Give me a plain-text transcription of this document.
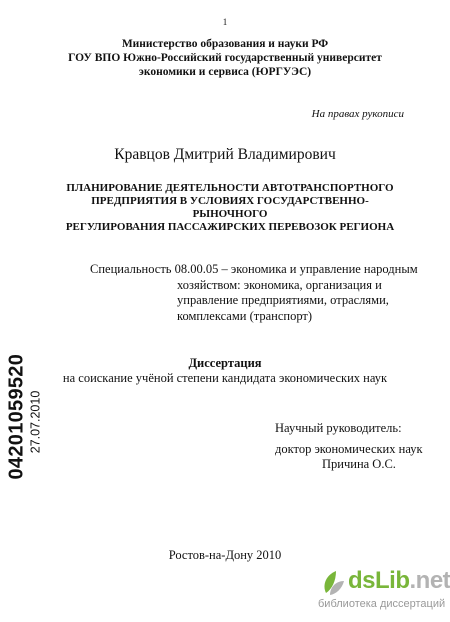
1
Министерство образования и науки РФ
ГОУ ВПО Южно-Российский государственный университет
экономики и сервиса (ЮРГУЭС)
На правах рукописи
Кравцов Дмитрий Владимирович
ПЛАНИРОВАНИЕ ДЕЯТЕЛЬНОСТИ АВТОТРАНСПОРТНОГО
ПРЕДПРИЯТИЯ В УСЛОВИЯХ ГОСУДАРСТВЕННО-РЫНОЧНОГО
РЕГУЛИРОВАНИЯ ПАССАЖИРСКИХ ПЕРЕВОЗОК РЕГИОНА
Специальность 08.00.05 – экономика и управление народным
хозяйством: экономика, организация и
управление предприятиями, отраслями,
комплексами (транспорт)
Диссертация
на соискание учёной степени кандидата экономических наук
Научный руководитель:
доктор экономических наук
Причина О.С.
Ростов-на-Дону 2010
04201059520 27.07.2010
dsLib.net
библиотека диссертаций
